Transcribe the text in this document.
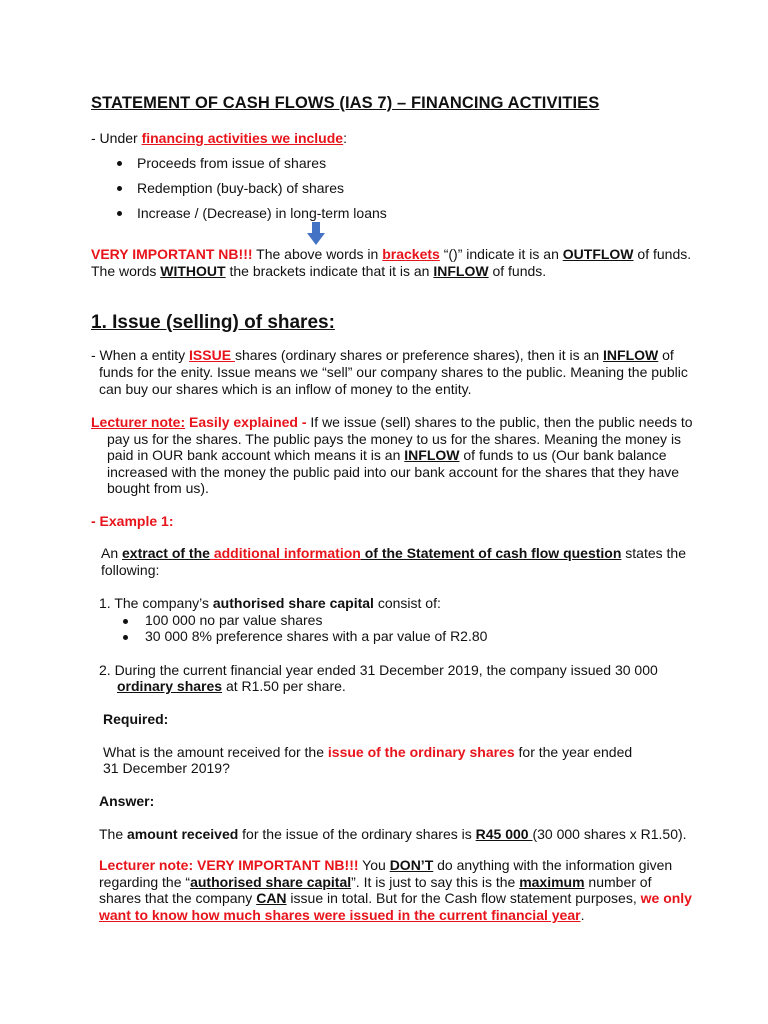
STATEMENT OF CASH FLOWS (IAS 7) – FINANCING ACTIVITIES
- Under financing activities we include:
Proceeds from issue of shares
Redemption (buy-back) of shares
Increase / (Decrease) in long-term loans
VERY IMPORTANT NB!!! The above words in brackets “()” indicate it is an OUTFLOW of funds.
The words WITHOUT the brackets indicate that it is an INFLOW of funds.
1. Issue (selling) of shares:
- When a entity ISSUE shares (ordinary shares or preference shares), then it is an INFLOW of
funds for the enity. Issue means we “sell” our company shares to the public. Meaning the public
can buy our shares which is an inflow of money to the entity.
Lecturer note: Easily explained - If we issue (sell) shares to the public, then the public needs to
pay us for the shares. The public pays the money to us for the shares. Meaning the money is
paid in OUR bank account which means it is an INFLOW of funds to us (Our bank balance
increased with the money the public paid into our bank account for the shares that they have
bought from us).
- Example 1:
An extract of the additional information of the Statement of cash flow question states the
following:
1. The company’s authorised share capital consist of:
100 000 no par value shares
30 000 8% preference shares with a par value of R2.80
2. During the current financial year ended 31 December 2019, the company issued 30 000
ordinary shares at R1.50 per share.
Required:
What is the amount received for the issue of the ordinary shares for the year ended
31 December 2019?
Answer:
The amount received for the issue of the ordinary shares is R45 000 (30 000 shares x R1.50).
Lecturer note: VERY IMPORTANT NB!!! You DON’T do anything with the information given
regarding the “authorised share capital”. It is just to say this is the maximum number of
shares that the company CAN issue in total. But for the Cash flow statement purposes, we only
want to know how much shares were issued in the current financial year.
